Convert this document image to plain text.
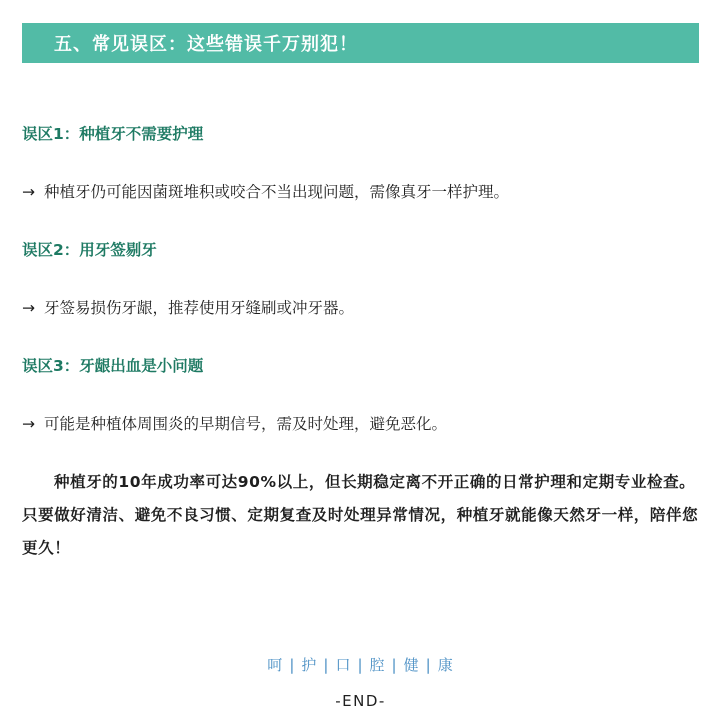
五、常见误区：这些错误千万别犯！
误区1：种植牙不需要护理
→ 种植牙仍可能因菌斑堆积或咬合不当出现问题，需像真牙一样护理。
误区2：用牙签剔牙
→ 牙签易损伤牙龈，推荐使用牙缝刷或冲牙器。
误区3：牙龈出血是小问题
→ 可能是种植体周围炎的早期信号，需及时处理，避免恶化。
种植牙的10年成功率可达90%以上，但长期稳定离不开正确的日常护理和定期专业检查。只要做好清洁、避免不良习惯、定期复查及时处理异常情况，种植牙就能像天然牙一样，陪伴您更久！
呵 | 护 | 口 | 腔 | 健 | 康
-END-
